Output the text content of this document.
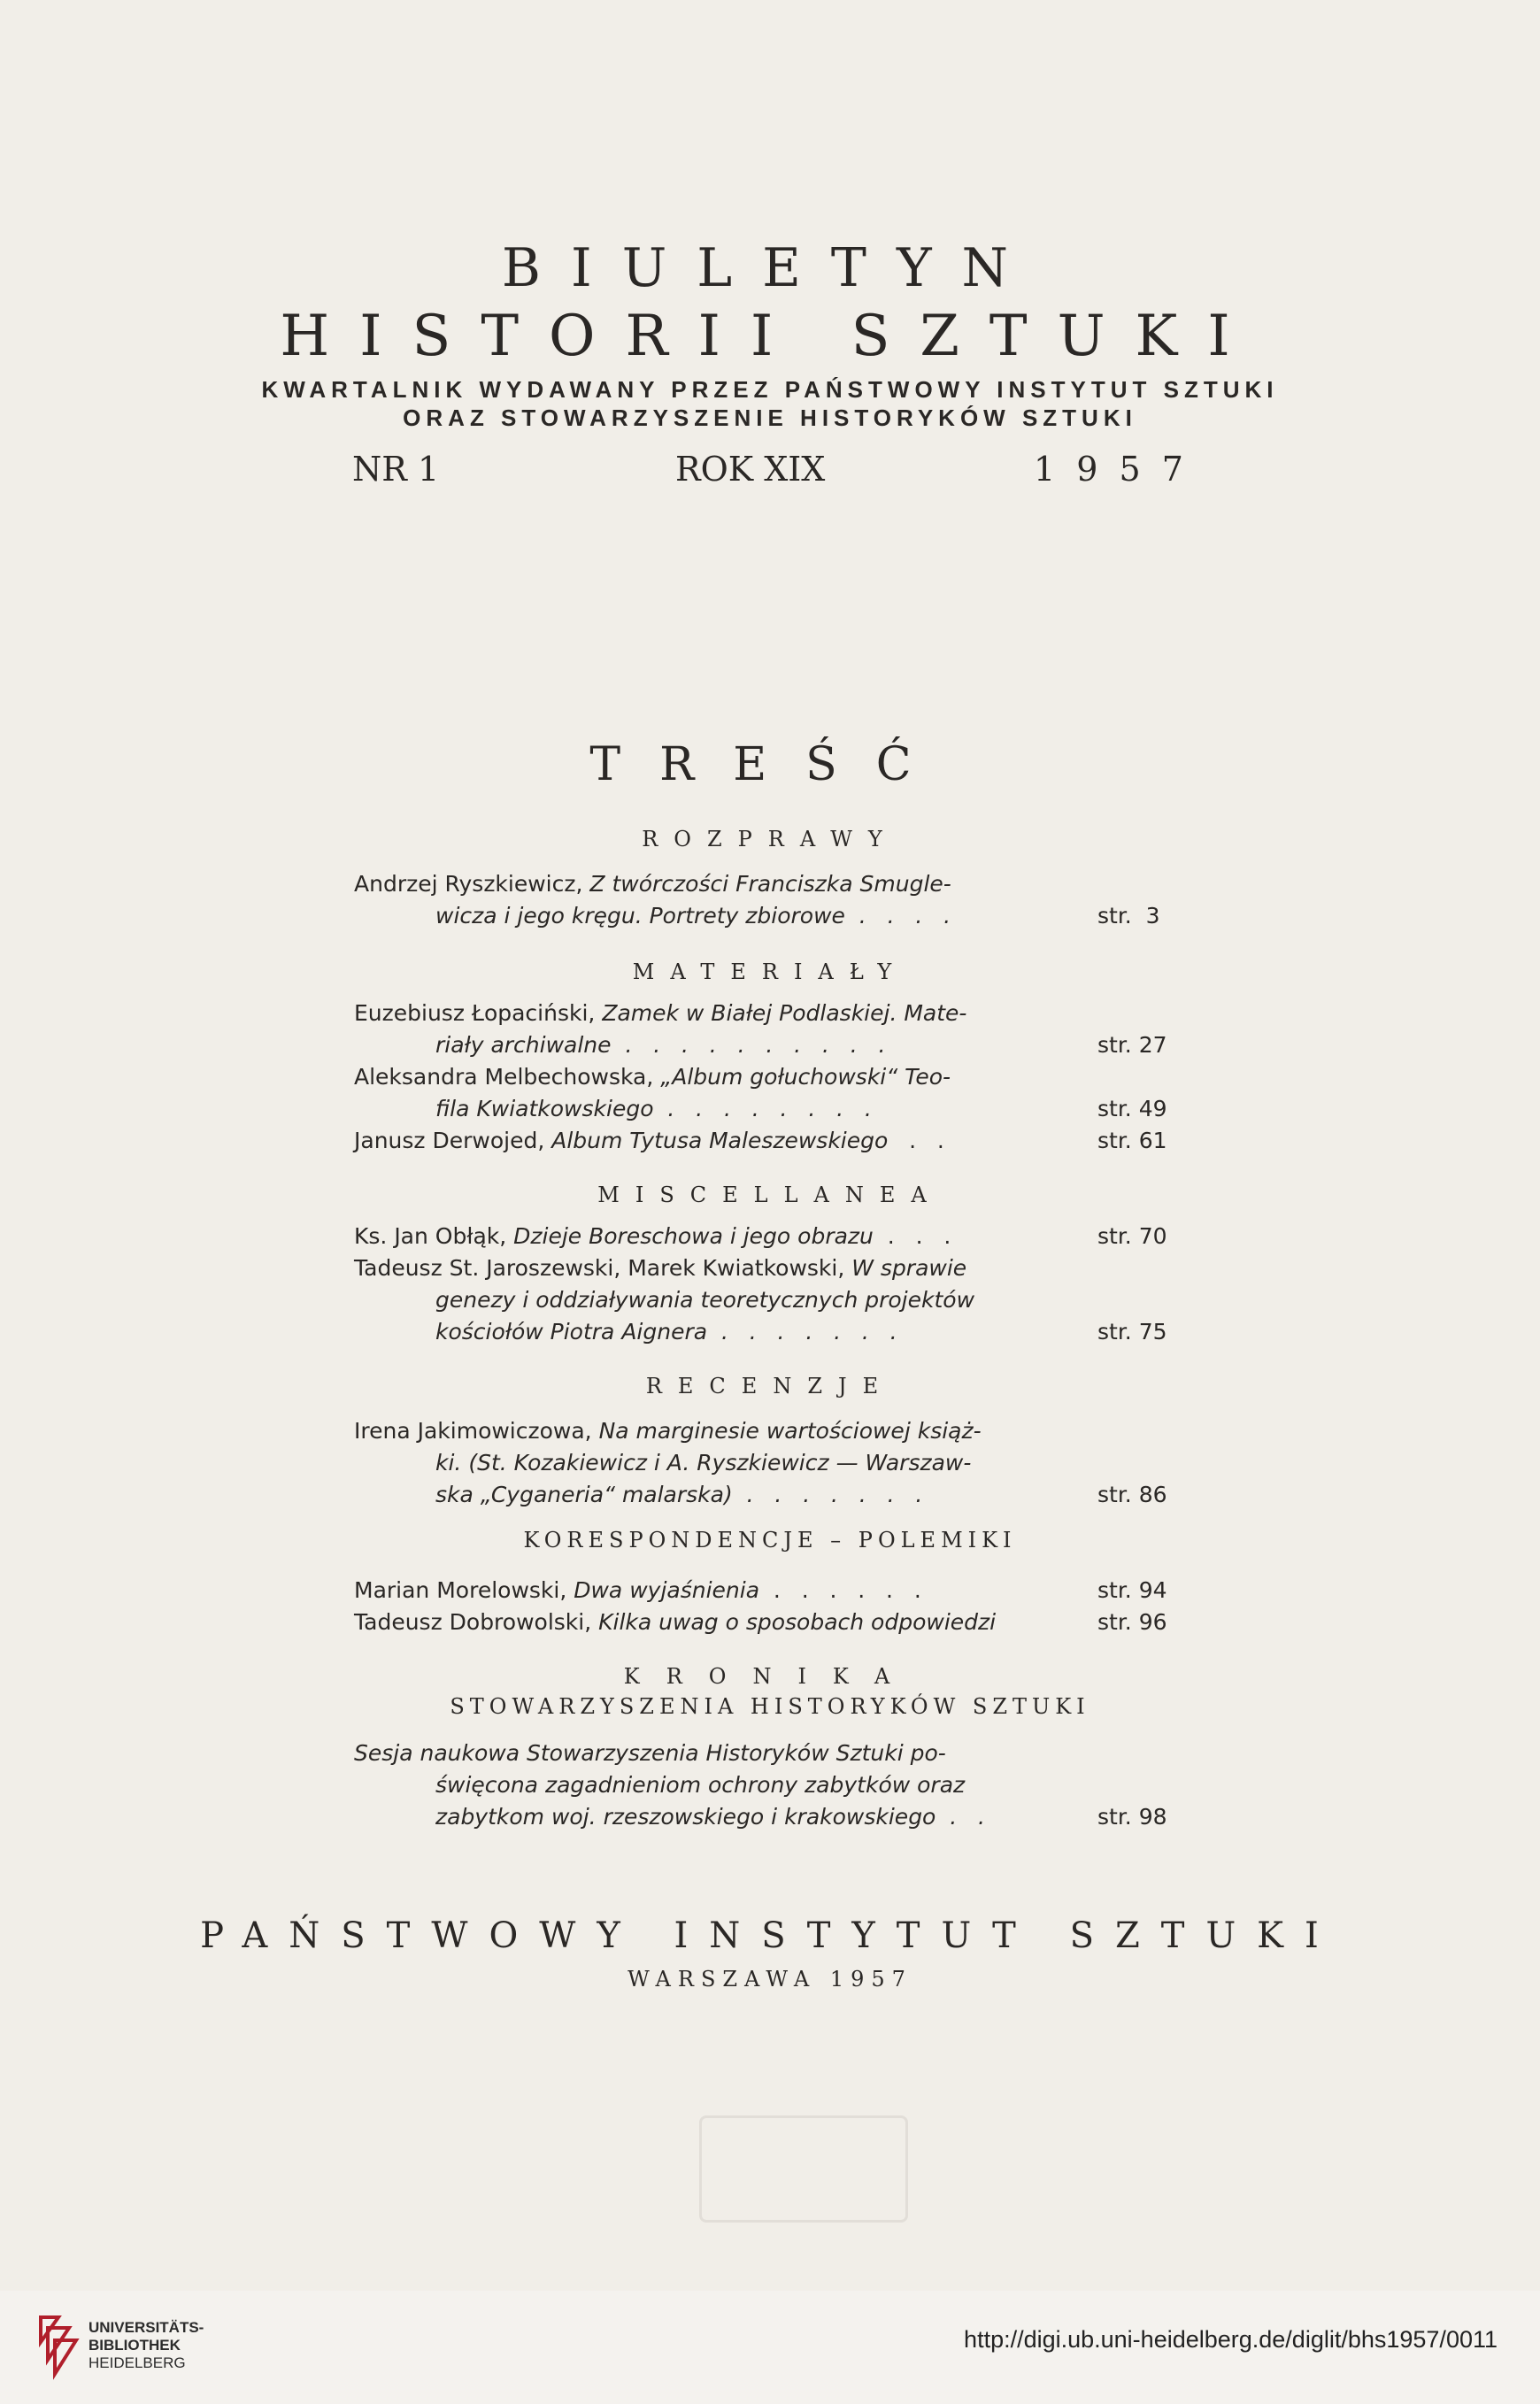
BIULETYN
HISTORII SZTUKI
KWARTALNIK WYDAWANY PRZEZ PAŃSTWOWY INSTYTUT SZTUKI
ORAZ STOWARZYSZENIE HISTORYKÓW SZTUKI
NR 1	ROK XIX	1 9 5 7
TREŚĆ
ROZPRAWY
Andrzej Ryszkiewicz, Z twórczości Franciszka Smugle-
wicza i jego kręgu. Portrety zbiorowe  .   .   .   .	str.  3
MATERIAŁY
Euzebiusz Łopaciński, Zamek w Białej Podlaskiej. Mate-
riały archiwalne  .   .   .   .   .   .   .   .   .   .	str. 27
Aleksandra Melbechowska, „Album gołuchowski“ Teo-
fila Kwiatkowskiego  .   .   .   .   .   .   .   .	str. 49
Janusz Derwojed, Album Tytusa Maleszewskiego   .   .	str. 61
MISCELLANEA
Ks. Jan Obłąk, Dzieje Boreschowa i jego obrazu  .   .   .	str. 70
Tadeusz St. Jaroszewski, Marek Kwiatkowski, W sprawie
genezy i oddziaływania teoretycznych projektów
kościołów Piotra Aignera  .   .   .   .   .   .   .	str. 75
RECENZJE
Irena Jakimowiczowa, Na marginesie wartościowej książ-
ki. (St. Kozakiewicz i A. Ryszkiewicz — Warszaw-
ska „Cyganeria“ malarska)  .   .   .   .   .   .   .	str. 86
KORESPONDENCJE – POLEMIKI
Marian Morelowski, Dwa wyjaśnienia  .   .   .   .   .   .	str. 94
Tadeusz Dobrowolski, Kilka uwag o sposobach odpowiedzi	str. 96
KRONIKA
STOWARZYSZENIA HISTORYKÓW SZTUKI
Sesja naukowa Stowarzyszenia Historyków Sztuki po-
święcona zagadnieniom ochrony zabytków oraz
zabytkom woj. rzeszowskiego i krakowskiego  .   .	str. 98
PAŃSTWOWY INSTYTUT SZTUKI
WARSZAWA 1957
UNIVERSITÄTS-
BIBLIOTHEK
HEIDELBERG
http://digi.ub.uni-heidelberg.de/diglit/bhs1957/0011
